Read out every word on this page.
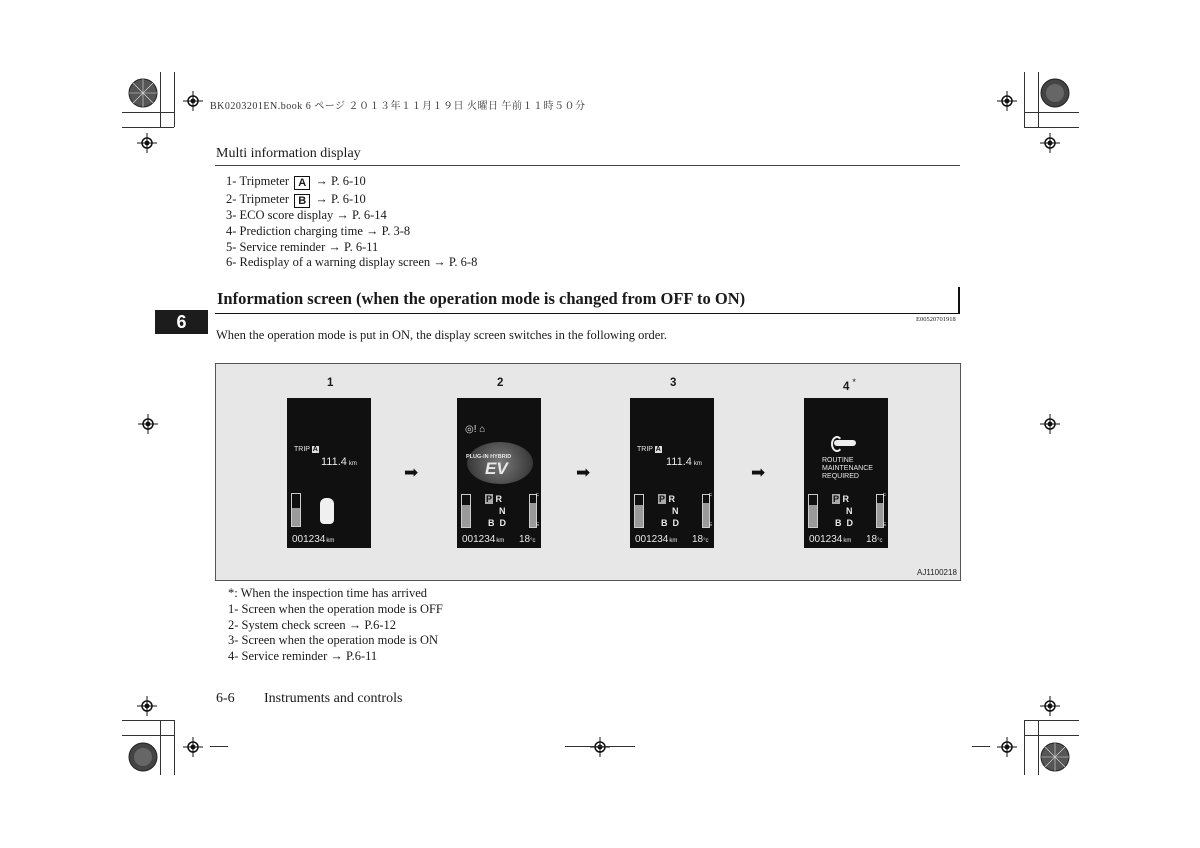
BK0203201EN.book 6 ページ ２０１３年１１月１９日 火曜日 午前１１時５０分
Multi information display
1- Tripmeter A → P. 6-10
2- Tripmeter B → P. 6-10
3- ECO score display → P. 6-14
4- Prediction charging time → P. 3-8
5- Service reminder → P. 6-11
6- Redisplay of a warning display screen → P. 6-8
Information screen (when the operation mode is changed from OFF to ON)
6	E00520701918
When the operation mode is put in ON, the display screen switches in the following order.
1	2	3	4 *
TRIP A
111.4 km
001234km
◎! ⌂
PLUG-IN HYBRID
EV
P R
N
B D
F
E
001234km 18°c
TRIP A
111.4 km
P R
N
B D
F
E
001234km 18°c
ROUTINE
MAINTENANCE
REQUIRED
P R
N
B D
F
E
001234km 18°c
➡	➡	➡
AJ1100218
*: When the inspection time has arrived
1- Screen when the operation mode is OFF
2- System check screen → P.6-12
3- Screen when the operation mode is ON
4- Service reminder → P.6-11
6-6 Instruments and controls
